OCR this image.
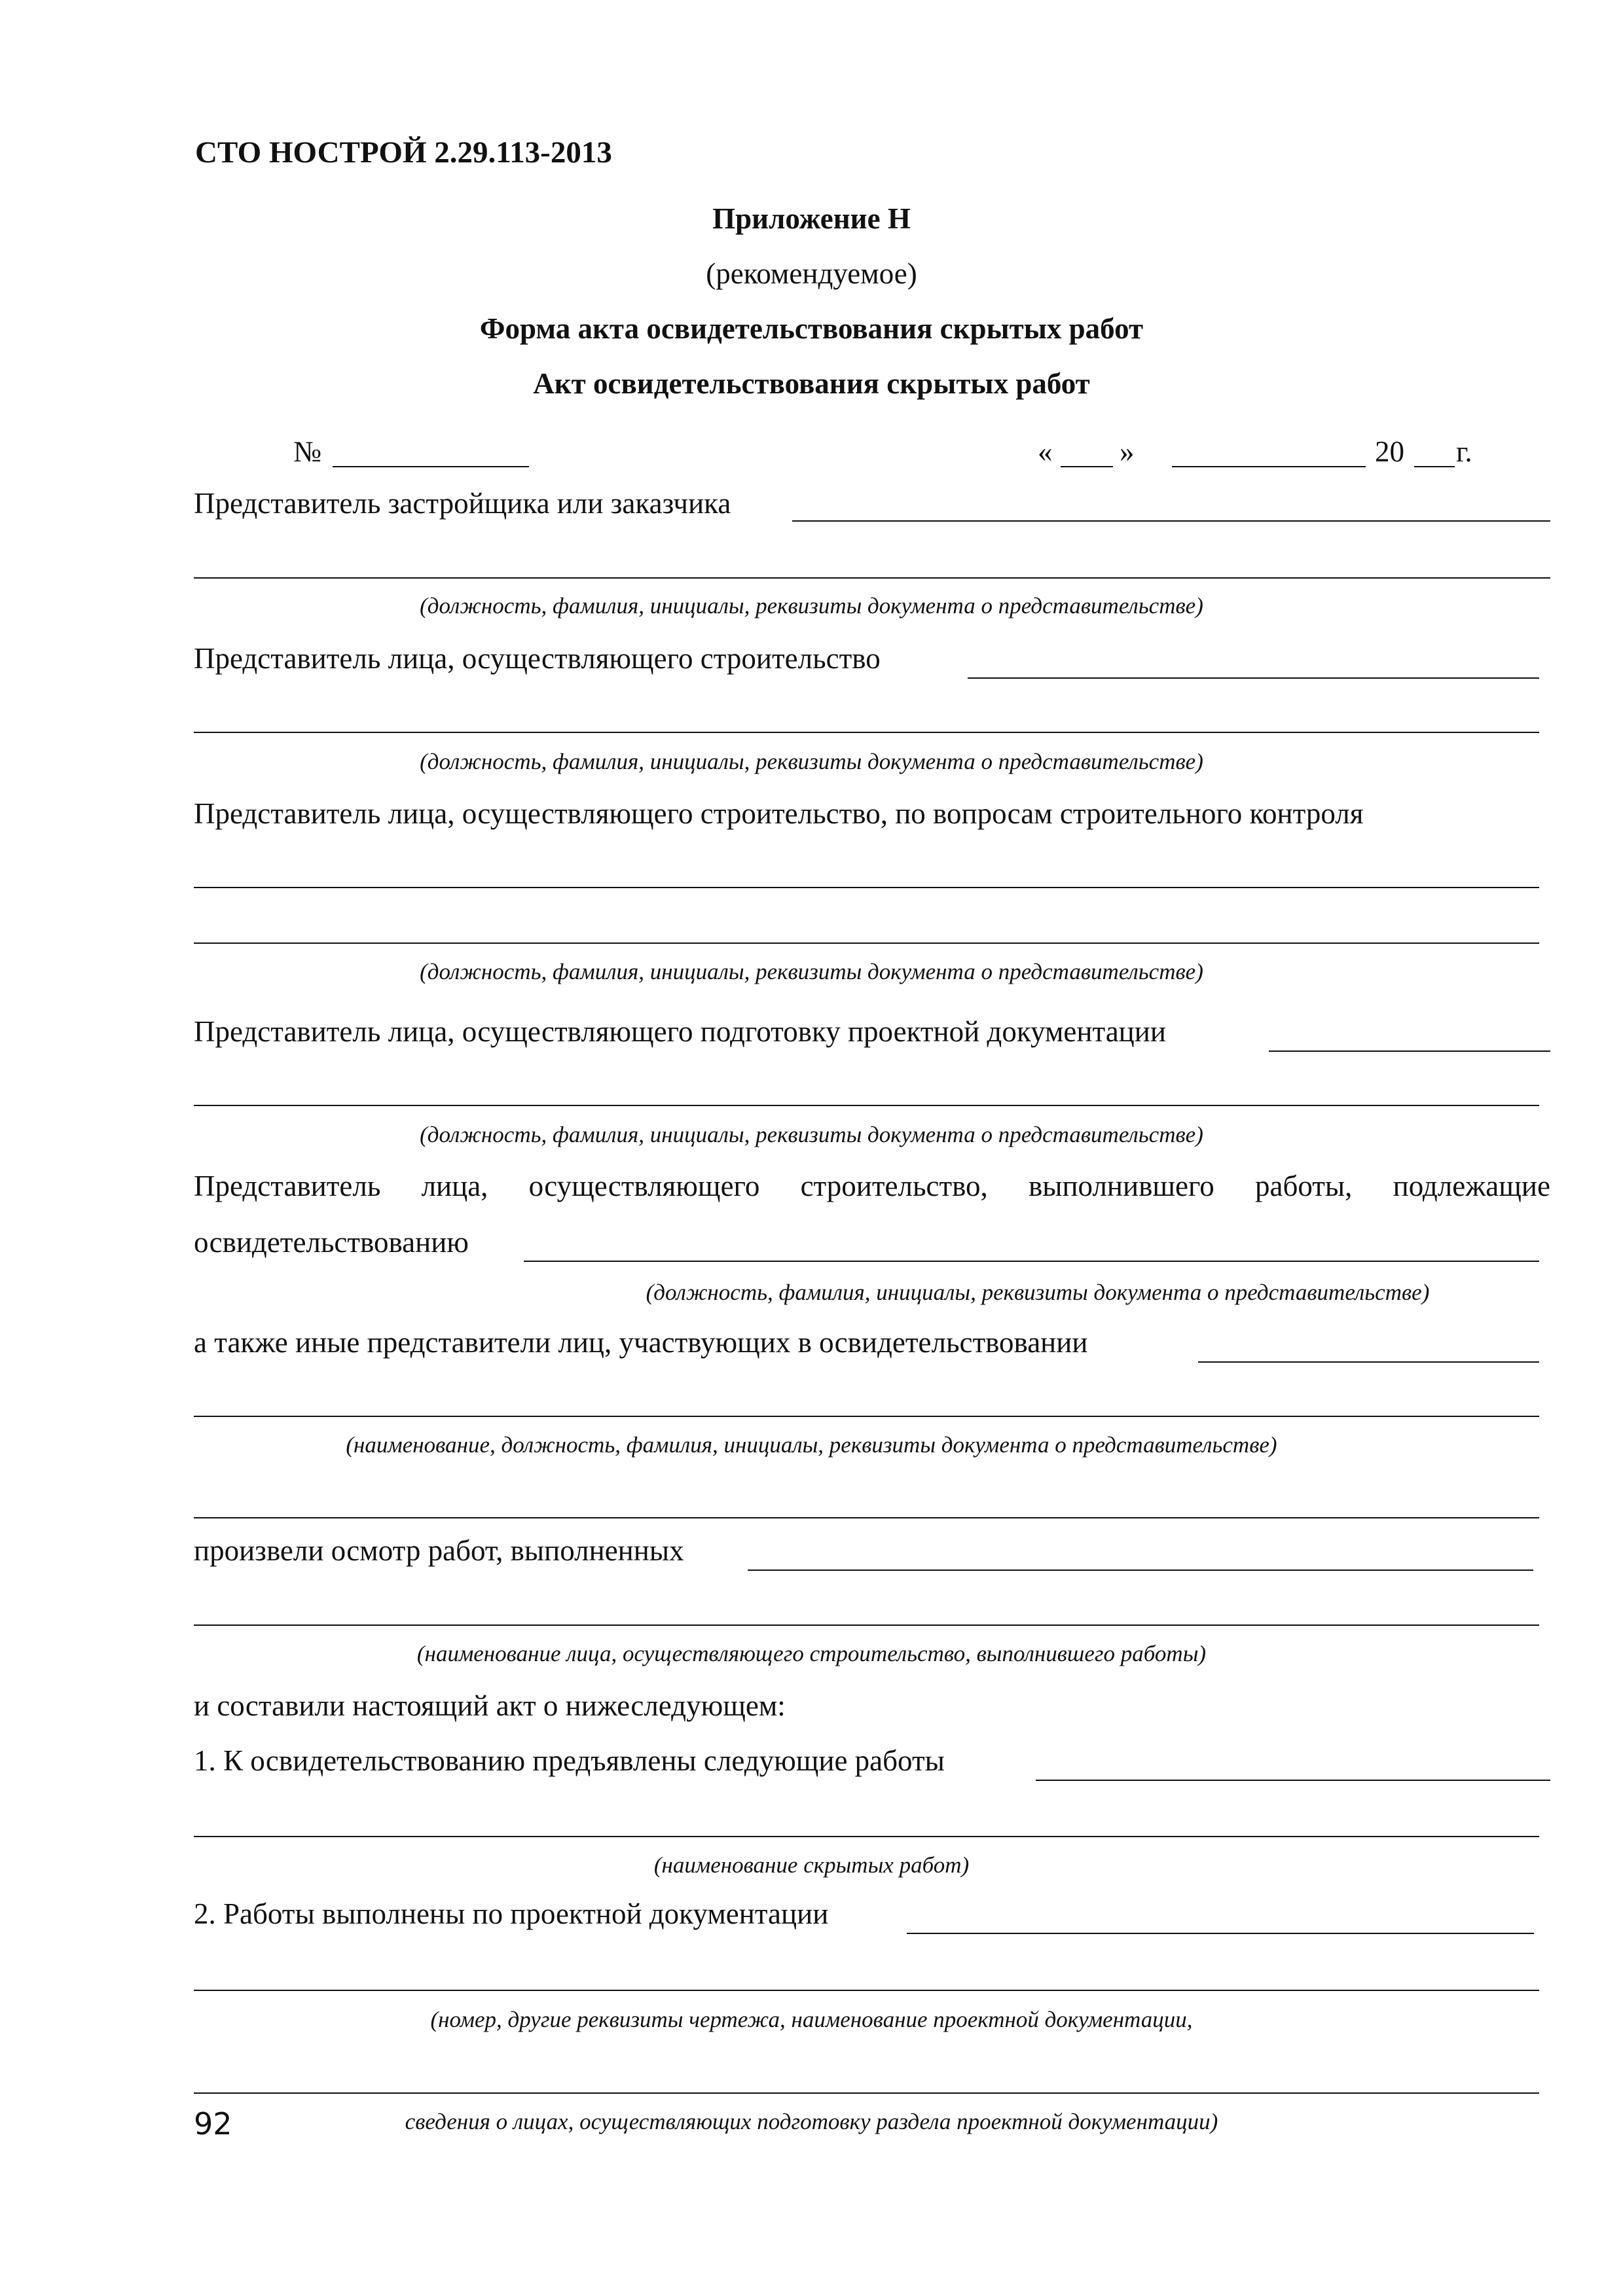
СТО НОСТРОЙ 2.29.113-2013
Приложение Н
(рекомендуемое)
Форма акта освидетельствования скрытых работ
Акт освидетельствования скрытых работ
№	« »	20 г.
Представитель застройщика или заказчика
(должность, фамилия, инициалы, реквизиты документа о представительстве)
Представитель лица, осуществляющего строительство
(должность, фамилия, инициалы, реквизиты документа о представительстве)
Представитель лица, осуществляющего строительство, по вопросам строительного контроля
(должность, фамилия, инициалы, реквизиты документа о представительстве)
Представитель лица, осуществляющего подготовку проектной документации
(должность, фамилия, инициалы, реквизиты документа о представительстве)
Представитель лица, осуществляющего строительство, выполнившего работы, подлежащие
освидетельствованию
(должность, фамилия, инициалы, реквизиты документа о представительстве)
а также иные представители лиц, участвующих в освидетельствовании
(наименование, должность, фамилия, инициалы, реквизиты документа о представительстве)
произвели осмотр работ, выполненных
(наименование лица, осуществляющего строительство, выполнившего работы)
и составили настоящий акт о нижеследующем:
1. К освидетельствованию предъявлены следующие работы
(наименование скрытых работ)
2. Работы выполнены по проектной документации
(номер, другие реквизиты чертежа, наименование проектной документации,
сведения о лицах, осуществляющих подготовку раздела проектной документации)
92
